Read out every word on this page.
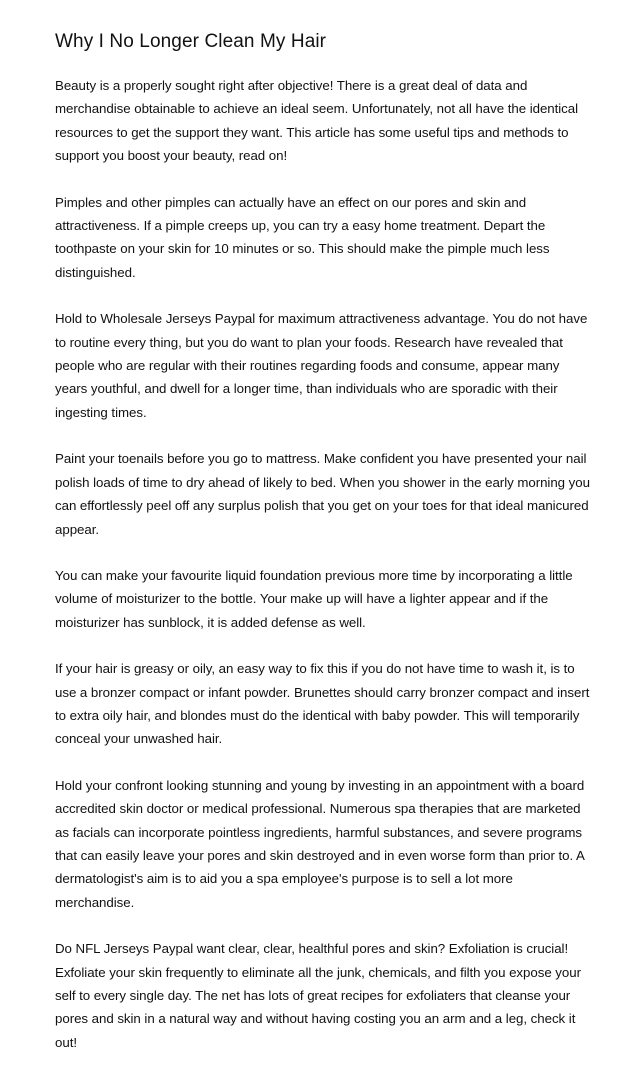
Why I No Longer Clean My Hair

Beauty is a properly sought right after objective! There is a great deal of data and merchandise obtainable to achieve an ideal seem. Unfortunately, not all have the identical resources to get the support they want. This article has some useful tips and methods to support you boost your beauty, read on!

Pimples and other pimples can actually have an effect on our pores and skin and attractiveness. If a pimple creeps up, you can try a easy home treatment. Depart the toothpaste on your skin for 10 minutes or so. This should make the pimple much less distinguished.

Hold to Wholesale Jerseys Paypal for maximum attractiveness advantage. You do not have to routine every thing, but you do want to plan your foods. Research have revealed that people who are regular with their routines regarding foods and consume, appear many years youthful, and dwell for a longer time, than individuals who are sporadic with their ingesting times.

Paint your toenails before you go to mattress. Make confident you have presented your nail polish loads of time to dry ahead of likely to bed. When you shower in the early morning you can effortlessly peel off any surplus polish that you get on your toes for that ideal manicured appear.

You can make your favourite liquid foundation previous more time by incorporating a little volume of moisturizer to the bottle. Your make up will have a lighter appear and if the moisturizer has sunblock, it is added defense as well.

If your hair is greasy or oily, an easy way to fix this if you do not have time to wash it, is to use a bronzer compact or infant powder. Brunettes should carry bronzer compact and insert to extra oily hair, and blondes must do the identical with baby powder. This will temporarily conceal your unwashed hair.

Hold your confront looking stunning and young by investing in an appointment with a board accredited skin doctor or medical professional. Numerous spa therapies that are marketed as facials can incorporate pointless ingredients, harmful substances, and severe programs that can easily leave your pores and skin destroyed and in even worse form than prior to. A dermatologist's aim is to aid you a spa employee's purpose is to sell a lot more merchandise.

Do NFL Jerseys Paypal want clear, clear, healthful pores and skin? Exfoliation is crucial! Exfoliate your skin frequently to eliminate all the junk, chemicals, and filth you expose your self to every single day. The net has lots of great recipes for exfoliaters that cleanse your pores and skin in a natural way and without having costing you an arm and a leg, check it out!
